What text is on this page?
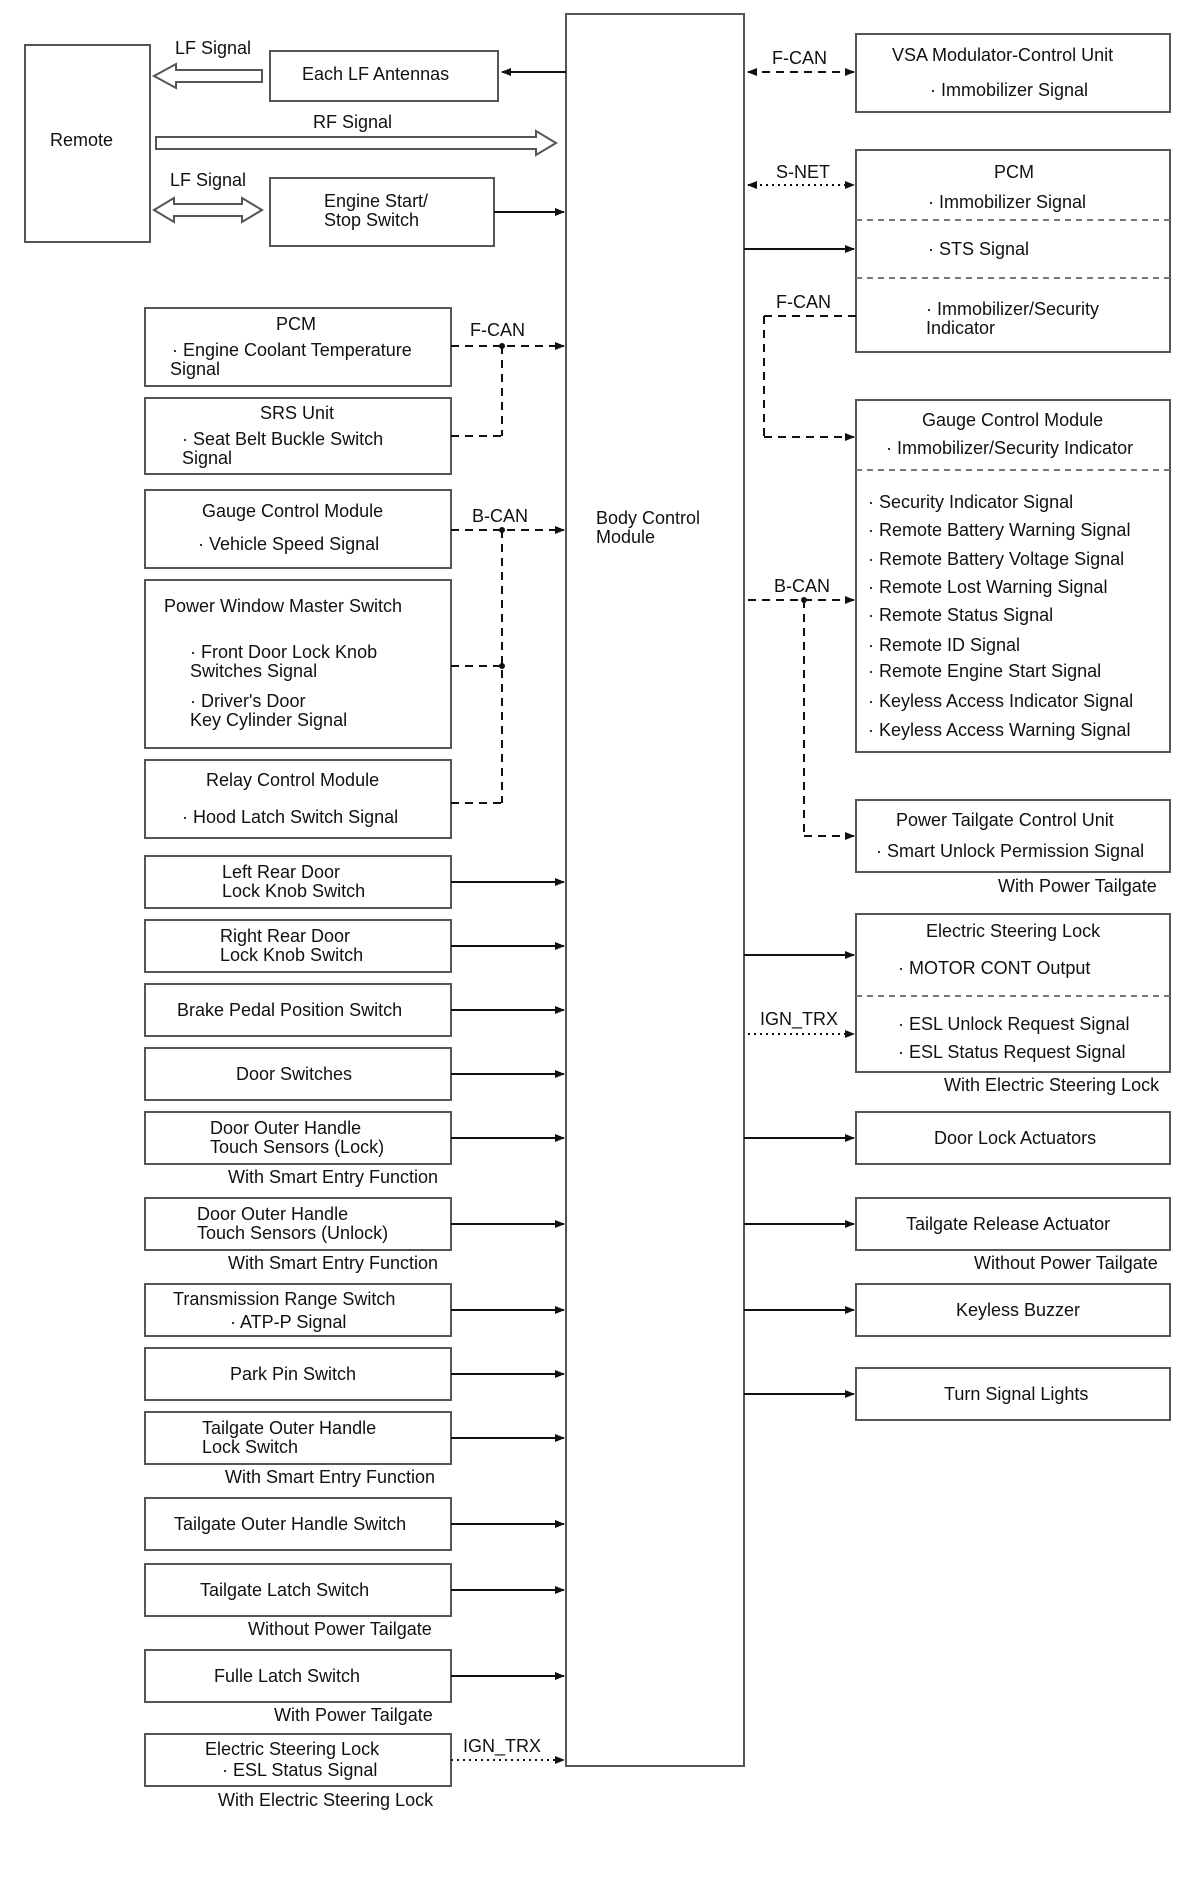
Body Control
Module
Remote
LF Signal
Each LF Antennas
RF Signal
LF Signal
Engine Start/
Stop Switch
PCM
· Engine Coolant Temperature
Signal
SRS Unit
· Seat Belt Buckle Switch
Signal
F-CAN
Gauge Control Module
· Vehicle Speed Signal
Power Window Master Switch
· Front Door Lock Knob
Switches Signal
· Driver's Door
Key Cylinder Signal
Relay Control Module
· Hood Latch Switch Signal
B-CAN
Left Rear Door
Lock Knob Switch
Right Rear Door
Lock Knob Switch
Brake Pedal Position Switch
Door Switches
Door Outer Handle
Touch Sensors (Lock)
With Smart Entry Function
Door Outer Handle
Touch Sensors (Unlock)
With Smart Entry Function
Transmission Range Switch
· ATP-P Signal
Park Pin Switch
Tailgate Outer Handle
Lock Switch
With Smart Entry Function
Tailgate Outer Handle Switch
Tailgate Latch Switch
Without Power Tailgate
Fulle Latch Switch
With Power Tailgate
Electric Steering Lock
· ESL Status Signal
IGN_TRX
With Electric Steering Lock
VSA Modulator-Control Unit
· Immobilizer Signal
F-CAN
PCM
· Immobilizer Signal
· STS Signal
· Immobilizer/Security
Indicator
S-NET
F-CAN
Gauge Control Module
· Immobilizer/Security Indicator
· Security Indicator Signal
· Remote Battery Warning Signal
· Remote Battery Voltage Signal
· Remote Lost Warning Signal
· Remote Status Signal
· Remote ID Signal
· Remote Engine Start Signal
· Keyless Access Indicator Signal
· Keyless Access Warning Signal
B-CAN
Power Tailgate Control Unit
· Smart Unlock Permission Signal
With Power Tailgate
Electric Steering Lock
· MOTOR CONT Output
· ESL Unlock Request Signal
· ESL Status Request Signal
With Electric Steering Lock
IGN_TRX
Door Lock Actuators
Tailgate Release Actuator
Without Power Tailgate
Keyless Buzzer
Turn Signal Lights
